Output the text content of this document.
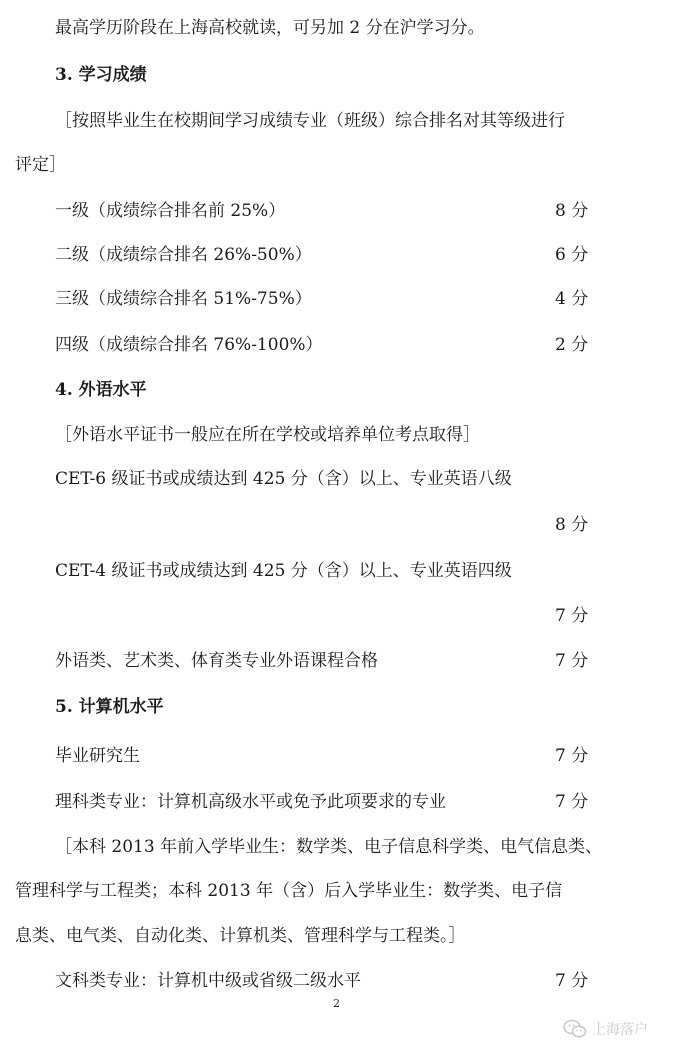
最高学历阶段在上海高校就读，可另加 2 分在沪学习分。
3. 学习成绩
［按照毕业生在校期间学习成绩专业（班级）综合排名对其等级进行
评定］
一级（成绩综合排名前 25%）	8 分
二级（成绩综合排名 26%-50%）	6 分
三级（成绩综合排名 51%-75%）	4 分
四级（成绩综合排名 76%-100%）	2 分
4. 外语水平
［外语水平证书一般应在所在学校或培养单位考点取得］
CET-6 级证书或成绩达到 425 分（含）以上、专业英语八级
8 分
CET-4 级证书或成绩达到 425 分（含）以上、专业英语四级
7 分
外语类、艺术类、体育类专业外语课程合格	7 分
5. 计算机水平
毕业研究生	7 分
理科类专业：计算机高级水平或免予此项要求的专业	7 分
［本科 2013 年前入学毕业生：数学类、电子信息科学类、电气信息类、
管理科学与工程类；本科 2013 年（含）后入学毕业生：数学类、电子信
息类、电气类、自动化类、计算机类、管理科学与工程类。］
文科类专业：计算机中级或省级二级水平	7 分
2
上海落户
